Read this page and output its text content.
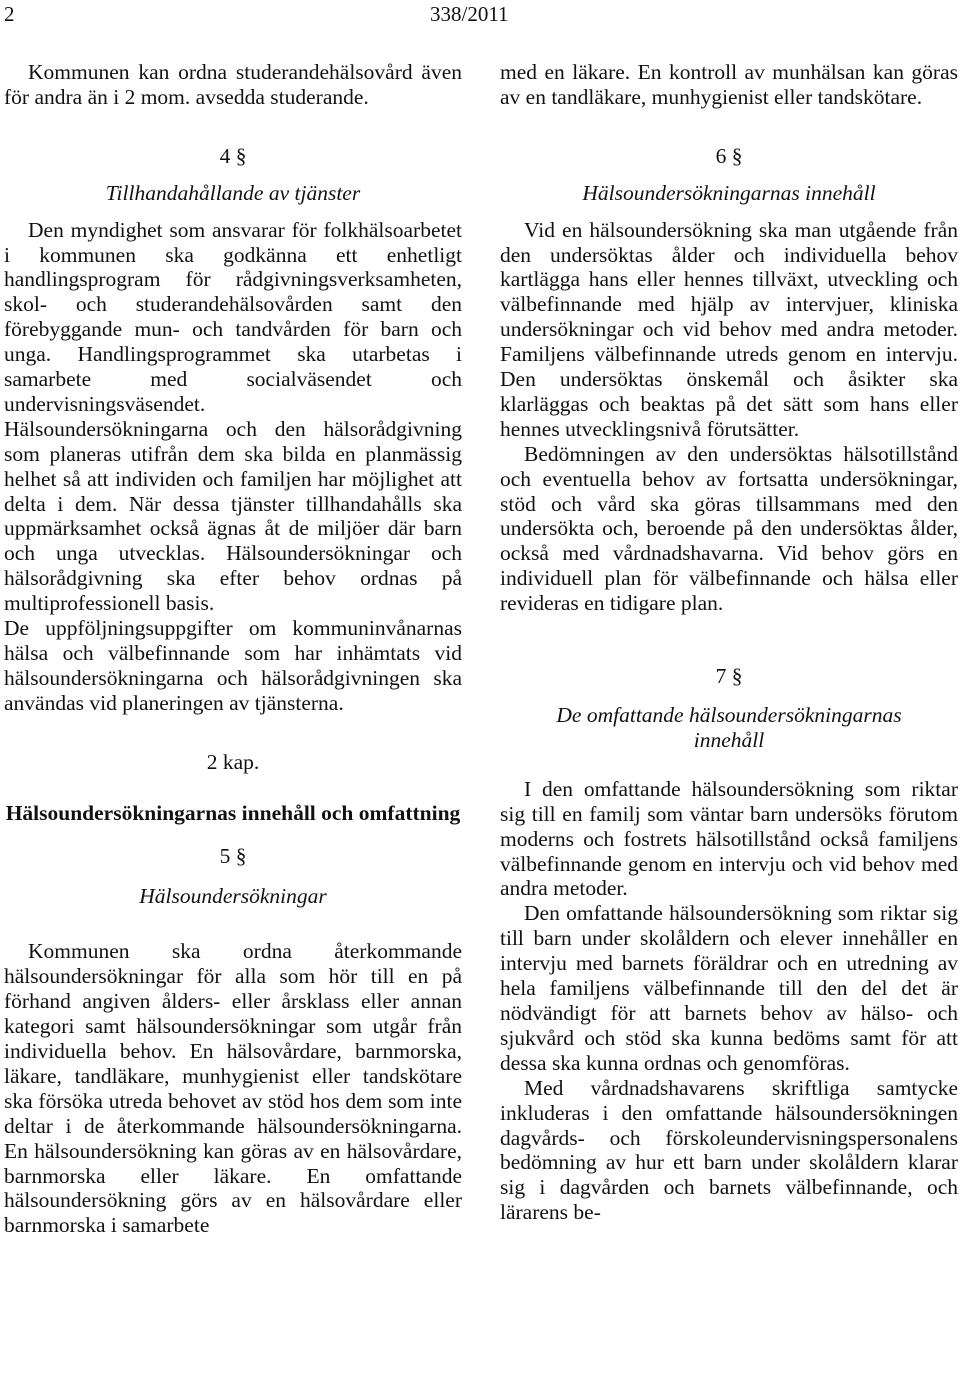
2	338/2011

Kommunen kan ordna studerandehälsovård även för andra än i 2 mom. avsedda studerande.

4 §
Tillhandahållande av tjänster

Den myndighet som ansvarar för folkhälsoarbetet i kommunen ska godkänna ett enhetligt handlingsprogram för rådgivningsverksamheten, skol- och studerandehälsovården samt den förebyggande mun- och tandvården för barn och unga. Handlingsprogrammet ska utarbetas i samarbete med socialväsendet och undervisningsväsendet.

Hälsoundersökningarna och den hälsorådgivning som planeras utifrån dem ska bilda en planmässig helhet så att individen och familjen har möjlighet att delta i dem. När dessa tjänster tillhandahålls ska uppmärksamhet också ägnas åt de miljöer där barn och unga utvecklas. Hälsoundersökningar och hälsorådgivning ska efter behov ordnas på multiprofessionell basis.

De uppföljningsuppgifter om kommuninvånarnas hälsa och välbefinnande som har inhämtats vid hälsoundersökningarna och hälsorådgivningen ska användas vid planeringen av tjänsterna.

2 kap.
Hälsoundersökningarnas innehåll och omfattning
5 §
Hälsoundersökningar

Kommunen ska ordna återkommande hälsoundersökningar för alla som hör till en på förhand angiven ålders- eller årsklass eller annan kategori samt hälsoundersökningar som utgår från individuella behov. En hälsovårdare, barnmorska, läkare, tandläkare, munhygienist eller tandskötare ska försöka utreda behovet av stöd hos dem som inte deltar i de återkommande hälsoundersökningarna. En hälsoundersökning kan göras av en hälsovårdare, barnmorska eller läkare. En omfattande hälsoundersökning görs av en hälsovårdare eller barnmorska i samarbete

med en läkare. En kontroll av munhälsan kan göras av en tandläkare, munhygienist eller tandskötare.

6 §
Hälsoundersökningarnas innehåll

Vid en hälsoundersökning ska man utgående från den undersöktas ålder och individuella behov kartlägga hans eller hennes tillväxt, utveckling och välbefinnande med hjälp av intervjuer, kliniska undersökningar och vid behov med andra metoder. Familjens välbefinnande utreds genom en intervju. Den undersöktas önskemål och åsikter ska klarläggas och beaktas på det sätt som hans eller hennes utvecklingsnivå förutsätter.

Bedömningen av den undersöktas hälsotillstånd och eventuella behov av fortsatta undersökningar, stöd och vård ska göras tillsammans med den undersökta och, beroende på den undersöktas ålder, också med vårdnadshavarna. Vid behov görs en individuell plan för välbefinnande och hälsa eller revideras en tidigare plan.

7 §
De omfattande hälsoundersökningarnas innehåll

I den omfattande hälsoundersökning som riktar sig till en familj som väntar barn undersöks förutom moderns och fostrets hälsotillstånd också familjens välbefinnande genom en intervju och vid behov med andra metoder.

Den omfattande hälsoundersökning som riktar sig till barn under skolåldern och elever innehåller en intervju med barnets föräldrar och en utredning av hela familjens välbefinnande till den del det är nödvändigt för att barnets behov av hälso- och sjukvård och stöd ska kunna bedöms samt för att dessa ska kunna ordnas och genomföras.

Med vårdnadshavarens skriftliga samtycke inkluderas i den omfattande hälsoundersökningen dagvårds- och förskoleundervisningspersonalens bedömning av hur ett barn under skolåldern klarar sig i dagvården och barnets välbefinnande, och lärarens be-
